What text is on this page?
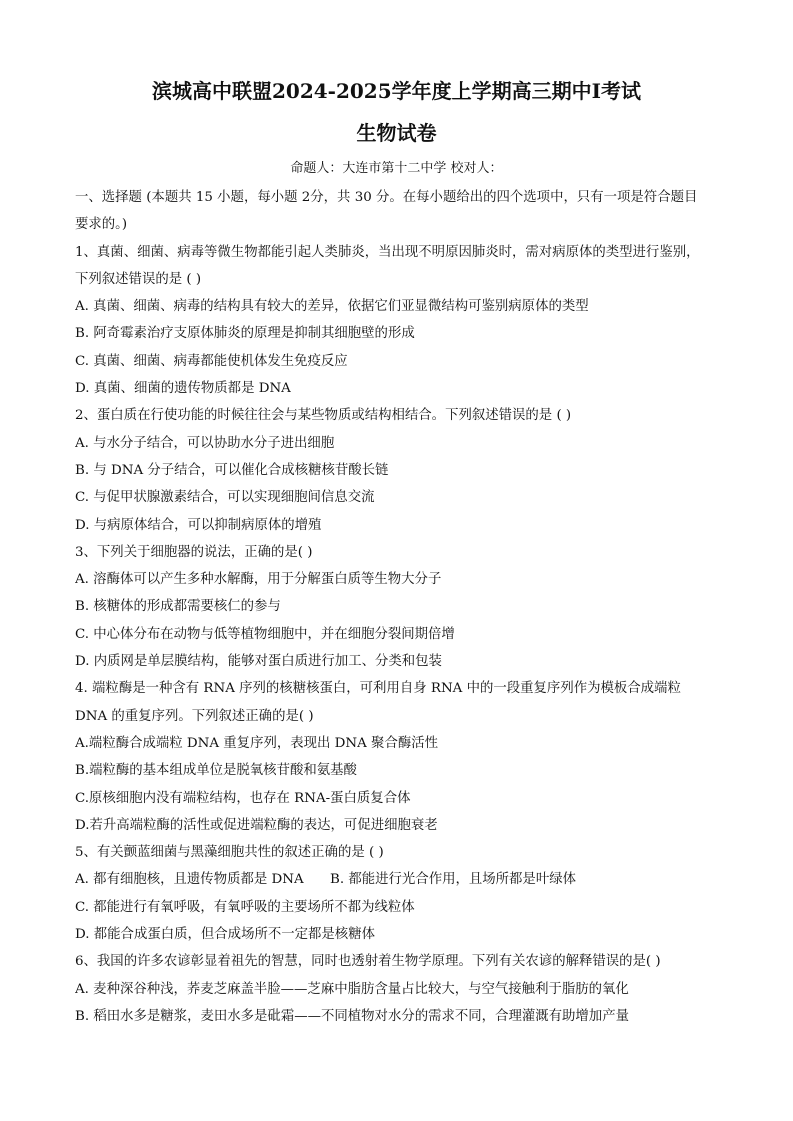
滨城高中联盟2024-2025学年度上学期高三期中Ⅰ考试
生物试卷
命题人：大连市第十二中学 校对人：
一、选择题 (本题共 15 小题，每小题 2分，共 30 分。在每小题给出的四个选项中，只有一项是符合题目
要求的。)
1、真菌、细菌、病毒等微生物都能引起人类肺炎，当出现不明原因肺炎时，需对病原体的类型进行鉴别，
下列叙述错误的是 ( )
A. 真菌、细菌、病毒的结构具有较大的差异，依据它们亚显微结构可鉴别病原体的类型
B. 阿奇霉素治疗支原体肺炎的原理是抑制其细胞壁的形成
C. 真菌、细菌、病毒都能使机体发生免疫反应
D. 真菌、细菌的遗传物质都是 DNA
2、蛋白质在行使功能的时候往往会与某些物质或结构相结合。下列叙述错误的是 ( )
A. 与水分子结合，可以协助水分子进出细胞
B. 与 DNA 分子结合，可以催化合成核糖核苷酸长链
C. 与促甲状腺激素结合，可以实现细胞间信息交流
D. 与病原体结合，可以抑制病原体的增殖
3、下列关于细胞器的说法，正确的是( )
A. 溶酶体可以产生多种水解酶，用于分解蛋白质等生物大分子
B. 核糖体的形成都需要核仁的参与
C. 中心体分布在动物与低等植物细胞中，并在细胞分裂间期倍增
D. 内质网是单层膜结构，能够对蛋白质进行加工、分类和包装
4. 端粒酶是一种含有 RNA 序列的核糖核蛋白，可利用自身 RNA 中的一段重复序列作为模板合成端粒
DNA 的重复序列。下列叙述正确的是( )
A.端粒酶合成端粒 DNA 重复序列，表现出 DNA 聚合酶活性
B.端粒酶的基本组成单位是脱氧核苷酸和氨基酸
C.原核细胞内没有端粒结构，也存在 RNA-蛋白质复合体
D.若升高端粒酶的活性或促进端粒酶的表达，可促进细胞衰老
5、有关颤蓝细菌与黑藻细胞共性的叙述正确的是 ( )
A. 都有细胞核，且遗传物质都是 DNA B. 都能进行光合作用，且场所都是叶绿体
C. 都能进行有氧呼吸，有氧呼吸的主要场所不都为线粒体
D. 都能合成蛋白质，但合成场所不一定都是核糖体
6、我国的许多农谚彰显着祖先的智慧，同时也透射着生物学原理。下列有关农谚的解释错误的是( )
A. 麦种深谷种浅，荞麦芝麻盖半脸——芝麻中脂肪含量占比较大，与空气接触利于脂肪的氧化
B. 稻田水多是糖浆，麦田水多是砒霜——不同植物对水分的需求不同，合理灌溉有助增加产量
